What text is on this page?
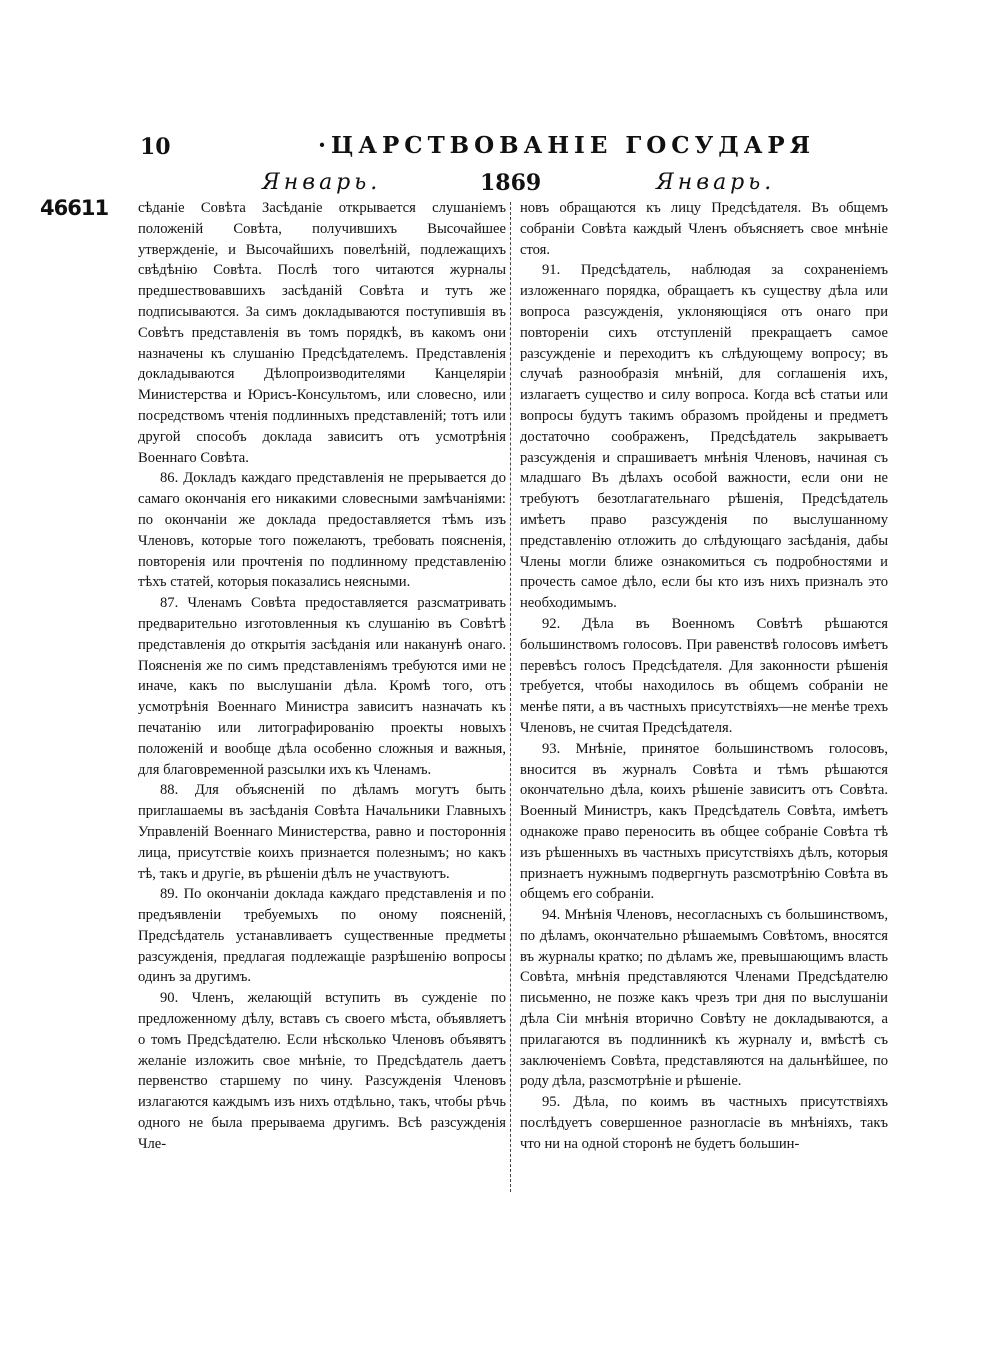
10	·ЦАРСТВОВАНІЕ ГОСУДАРЯ
Январь.	1869	Январь.
46611 сѣданіе Совѣта Засѣданіе открывается слушаніемъ положеній Совѣта, получившихъ Высочайшее утвержденіе, и Высочайшихъ повелѣній, подлежащихъ свѣдѣнію Совѣта. Послѣ того читаются журналы предшествовавшихъ засѣданій Совѣта и тутъ же подписываются. За симъ докладываются поступившія въ Совѣтъ представленія въ томъ порядкѣ, въ какомъ они назначены къ слушанію Предсѣдателемъ. Представленія докладываются Дѣлопроизводителями Канцеляріи Министерства и Юрисъ-Консультомъ, или словесно, или посредствомъ чтенія подлинныхъ представленій; тотъ или другой способъ доклада зависитъ отъ усмотрѣнія Военнаго Совѣта.

86. Докладъ каждаго представленія не прерывается до самаго окончанія его никакими словесными замѣчаніями: по окончаніи же доклада предоставляется тѣмъ изъ Членовъ, которые того пожелаютъ, требовать поясненія, повторенія или прочтенія по подлинному представленію тѣхъ статей, которыя показались неясными.

87. Членамъ Совѣта предоставляется разсматривать предварительно изготовленныя къ слушанію въ Совѣтѣ представленія до открытія засѣданія или наканунѣ онаго. Поясненія же по симъ представленіямъ требуются ими не иначе, какъ по выслушаніи дѣла. Кромѣ того, отъ усмотрѣнія Военнаго Министра зависитъ назначать къ печатанію или литографированію проекты новыхъ положеній и вообще дѣла особенно сложныя и важныя, для благовременной разсылки ихъ къ Членамъ.

88. Для объясненій по дѣламъ могутъ быть приглашаемы въ засѣданія Совѣта Начальники Главныхъ Управленій Военнаго Министерства, равно и постороннія лица, присутствіе коихъ признается полезнымъ; но какъ тѣ, такъ и другіе, въ рѣшеніи дѣлъ не участвуютъ.

89. По окончаніи доклада каждаго представленія и по предъявленіи требуемыхъ по оному поясненій, Предсѣдатель устанавливаетъ существенные предметы разсужденія, предлагая подлежащіе разрѣшенію вопросы одинъ за другимъ.

90. Членъ, желающій вступить въ сужденіе по предложенному дѣлу, вставъ съ своего мѣста, объявляетъ о томъ Предсѣдателю. Если нѣсколько Членовъ объявятъ желаніе изложить свое мнѣніе, то Предсѣдатель даетъ первенство старшему по чину. Разсужденія Членовъ излагаются каждымъ изъ нихъ отдѣльно, такъ, чтобы рѣчь одного не была прерываема другимъ. Всѣ разсужденія Чле-

новъ обращаются къ лицу Предсѣдателя. Въ общемъ собраніи Совѣта каждый Членъ объясняетъ свое мнѣніе стоя.

91. Предсѣдатель, наблюдая за сохраненіемъ изложеннаго порядка, обращаетъ къ существу дѣла или вопроса разсужденія, уклоняющіяся отъ онаго при повтореніи сихъ отступленій прекращаетъ самое разсужденіе и переходитъ къ слѣдующему вопросу; въ случаѣ разнообразія мнѣній, для соглашенія ихъ, излагаетъ существо и силу вопроса. Когда всѣ статьи или вопросы будутъ такимъ образомъ пройдены и предметъ достаточно соображенъ, Предсѣдатель закрываетъ разсужденія и спрашиваетъ мнѣнія Членовъ, начиная съ младшаго Въ дѣлахъ особой важности, если они не требуютъ безотлагательнаго рѣшенія, Предсѣдатель имѣетъ право разсужденія по выслушанному представленію отложить до слѣдующаго засѣданія, дабы Члены могли ближе ознакомиться съ подробностями и прочесть самое дѣло, если бы кто изъ нихъ призналъ это необходимымъ.

92. Дѣла въ Военномъ Совѣтѣ рѣшаются большинствомъ голосовъ. При равенствѣ голосовъ имѣетъ перевѣсъ голосъ Предсѣдателя. Для законности рѣшенія требуется, чтобы находилось въ общемъ собраніи не менѣе пяти, а въ частныхъ присутствіяхъ—не менѣе трехъ Членовъ, не считая Предсѣдателя.

93. Мнѣніе, принятое большинствомъ голосовъ, вносится въ журналъ Совѣта и тѣмъ рѣшаются окончательно дѣла, коихъ рѣшеніе зависитъ отъ Совѣта. Военный Министръ, какъ Предсѣдатель Совѣта, имѣетъ однакоже право переносить въ общее собраніе Совѣта тѣ изъ рѣшенныхъ въ частныхъ присутствіяхъ дѣлъ, которыя признаетъ нужнымъ подвергнуть разсмотрѣнію Совѣта въ общемъ его собраніи.

94. Мнѣнія Членовъ, несогласныхъ съ большинствомъ, по дѣламъ, окончательно рѣшаемымъ Совѣтомъ, вносятся въ журналы кратко; по дѣламъ же, превышающимъ власть Совѣта, мнѣнія представляются Членами Предсѣдателю письменно, не позже какъ чрезъ три дня по выслушаніи дѣла Сіи мнѣнія вторично Совѣту не докладываются, а прилагаются въ подлинникѣ къ журналу и, вмѣстѣ съ заключеніемъ Совѣта, представляются на дальнѣйшее, по роду дѣла, разсмотрѣніе и рѣшеніе.

95. Дѣла, по коимъ въ частныхъ присутствіяхъ послѣдуетъ совершенное разногласіе въ мнѣніяхъ, такъ что ни на одной сторонѣ не будетъ большин-
